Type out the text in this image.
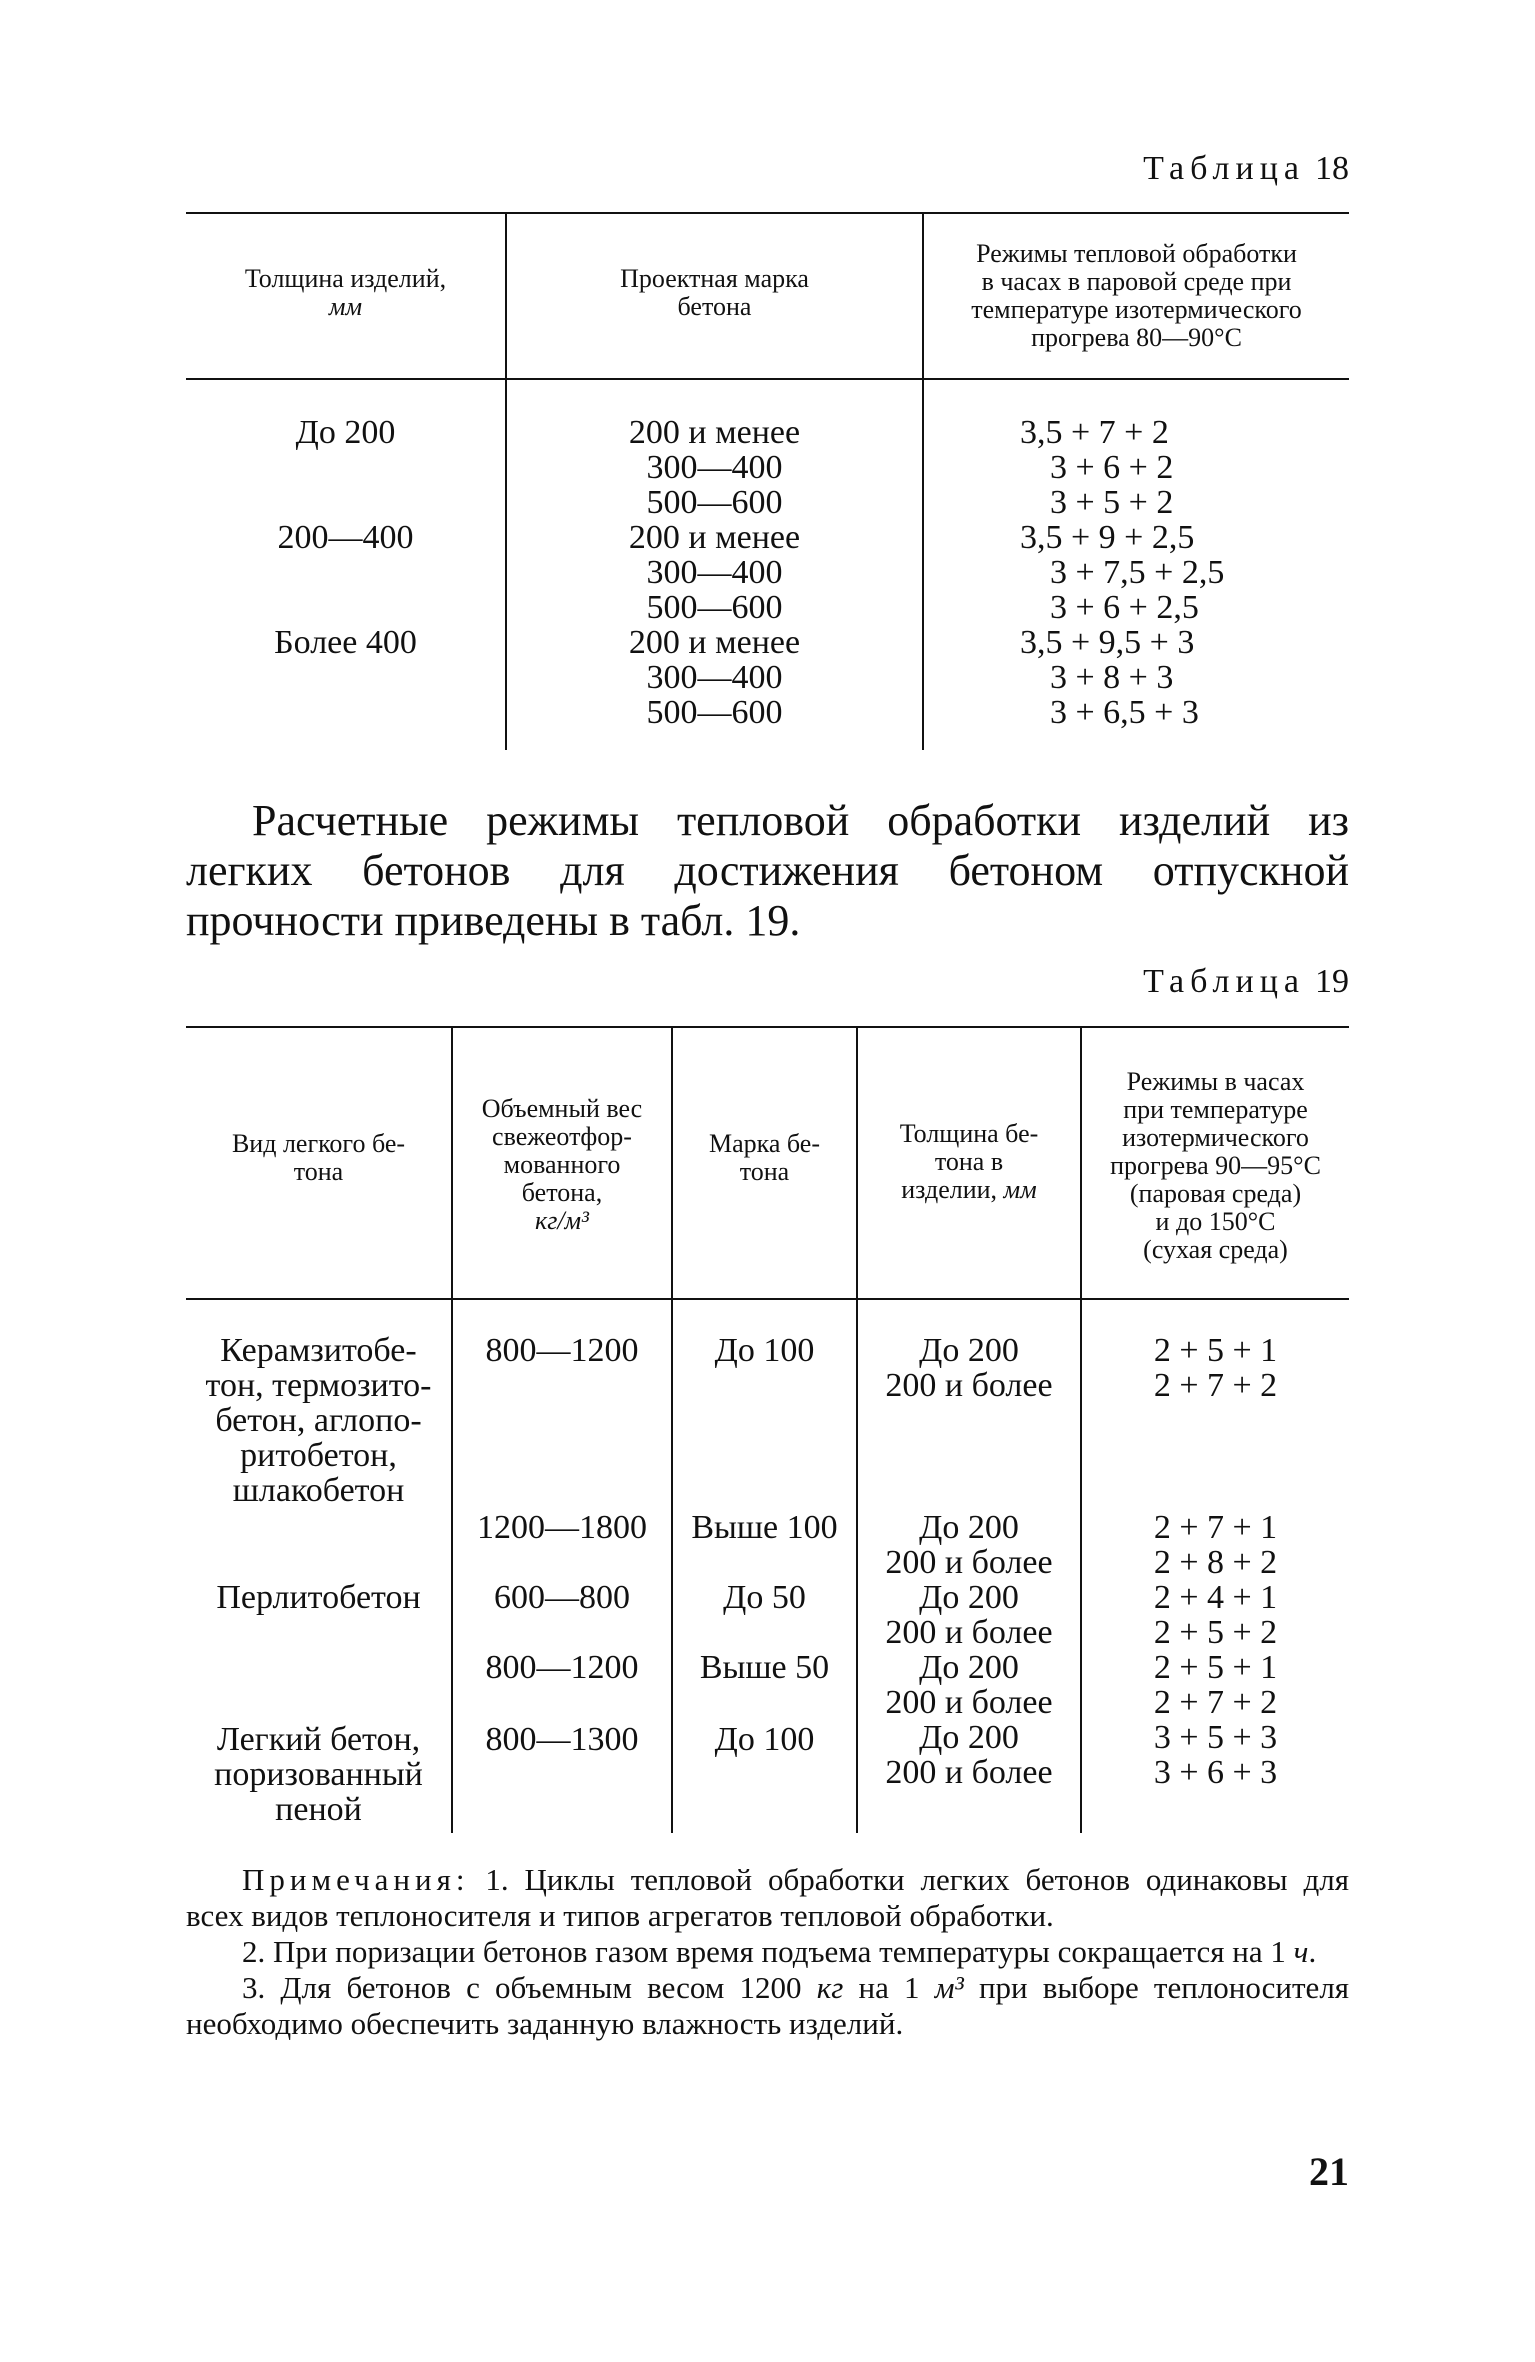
Таблица 18
Толщина изделий,
мм
Проектная марка
бетона
Режимы тепловой обработки
в часах в паровой среде при
температуре изотермического
прогрева 80—90°С
До 200

200—400

Более 400
200 и менее
300—400
500—600
200 и менее
300—400
500—600
200 и менее
300—400
500—600
3,5 + 7 + 2
3 + 6 + 2
3 + 5 + 2
3,5 + 9 + 2,5
3 + 7,5 + 2,5
3 + 6 + 2,5
3,5 + 9,5 + 3
3 + 8 + 3
3 + 6,5 + 3
Расчетные режимы тепловой обработки изделий из легких бетонов для достижения бетоном отпускной прочности приведены в табл. 19.
Таблица 19
Вид легкого бе-
тона
Объемный вес
свежеотфор-
мованного
бетона,
кг/м³
Марка бе-
тона
Толщина бе-
тона в
изделии, мм
Режимы в часах
при температуре
изотермического
прогрева 90—95°С
(паровая среда)
и до 150°С
(сухая среда)
Керамзитобе-
тон, термозито-
бетон, аглопо-
ритобетон,
шлакобетон
Перлитобетон
Легкий бетон,
поризованный
пеной
800—1200
1200—1800
600—800
800—1200
800—1300
До 100
Выше 100
До 50
Выше 50
До 100
До 200
200 и более
До 200
200 и более
До 200
200 и более
До 200
200 и более
До 200
200 и более
2 + 5 + 1
2 + 7 + 2
2 + 7 + 1
2 + 8 + 2
2 + 4 + 1
2 + 5 + 2
2 + 5 + 1
2 + 7 + 2
3 + 5 + 3
3 + 6 + 3

Примечания: 1. Циклы тепловой обработки легких бетонов одинаковы для всех видов теплоносителя и типов агрегатов тепловой обработки.

2. При поризации бетонов газом время подъема температуры сокращается на 1 ч.

3. Для бетонов с объемным весом 1200 кг на 1 м³ при выборе теплоносителя необходимо обеспечить заданную влажность изделий.

21
